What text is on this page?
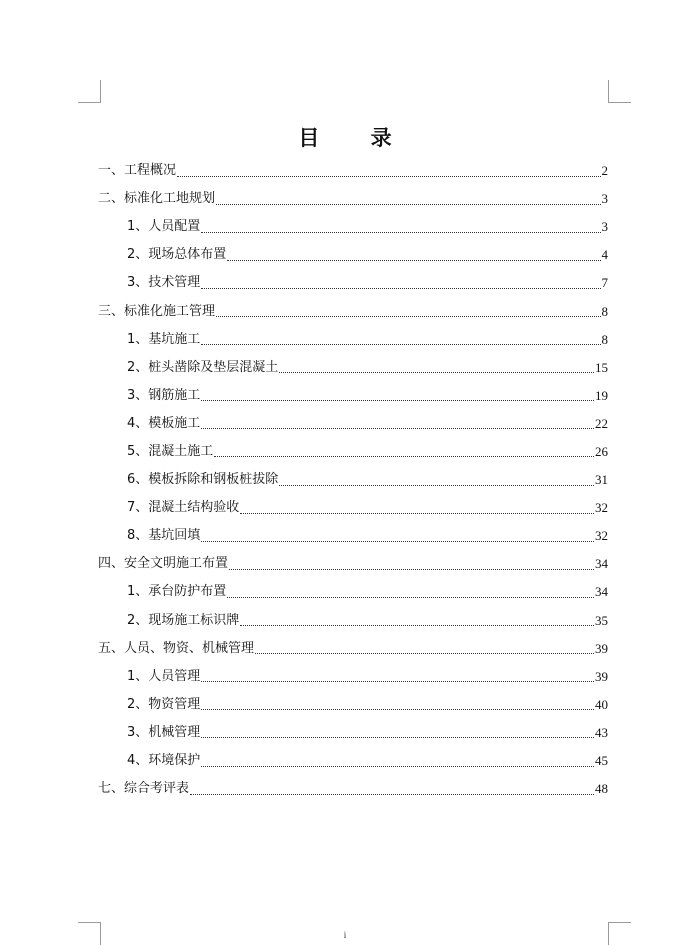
目 录
一、工程概况	2
二、标准化工地规划	3
1、人员配置	3
2、现场总体布置	4
3、技术管理	7
三、标准化施工管理	8
1、基坑施工	8
2、桩头凿除及垫层混凝土	15
3、钢筋施工	19
4、模板施工	22
5、混凝土施工	26
6、模板拆除和钢板桩拔除	31
7、混凝土结构验收	32
8、基坑回填	32
四、安全文明施工布置	34
1、承台防护布置	34
2、现场施工标识牌	35
五、人员、物资、机械管理	39
1、人员管理	39
2、物资管理	40
3、机械管理	43
4、环境保护	45
七、综合考评表	48
i
